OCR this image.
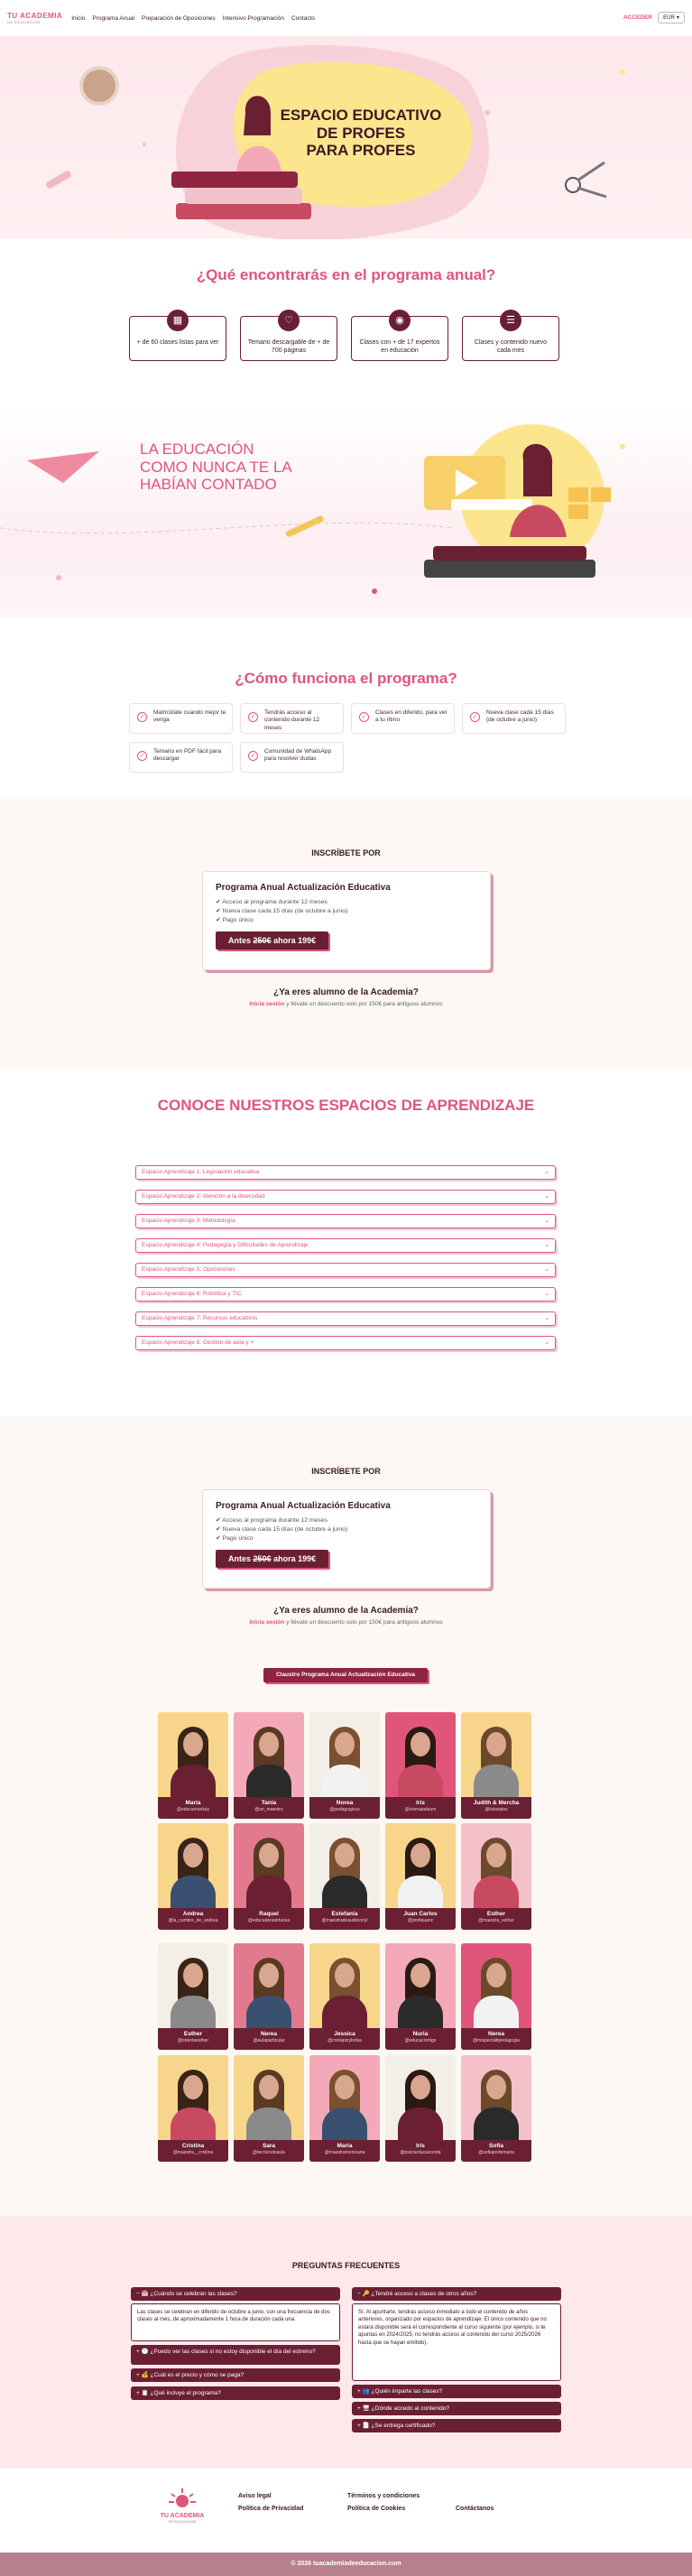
TU ACADEMIA
DE EDUCACIÓN
Inicio Programa Anual Preparación de Oposiciones Intensivo Programación Contacto	ACCEDER EUR ▾
ESPACIO EDUCATIVO
DE PROFES
PARA PROFES
¿Qué encontrarás en el programa anual?
▦
+ de 60 clases listas para ver
♡
Temario descargable de + de 700 páginas
◉
Clases con + de 17 expertos en educación
☰
Clases y contenido nuevo cada mes
LA EDUCACIÓN
COMO NUNCA TE LA
HABÍAN CONTADO
¿Cómo funciona el programa?
✓
Matricúlate cuando mejor te venga	✓
Tendrás acceso al contenido durante 12 meses
✓
Clases en diferido, para ver a tu ritmo	✓
Nueva clase cada 15 días (de octubre a junio)
✓
Temario en PDF fácil para descargar	✓
Comunidad de WhatsApp para resolver dudas
INSCRÍBETE POR
Programa Anual Actualización Educativa
✔ Acceso al programa durante 12 meses
✔ Nueva clase cada 15 días (de octubre a junio)
✔ Pago único
Antes 250€ ahora 199€
¿Ya eres alumno de la Academia?
Inicia sesión y llévate un descuento solo por 150€ para antiguos alumnos
CONOCE NUESTROS ESPACIOS DE APRENDIZAJE
Espacio Aprendizaje 1: Legislación educativa	⌄
Espacio Aprendizaje 2: Atención a la diversidad	⌄
Espacio Aprendizaje 3: Metodología	⌄
Espacio Aprendizaje 4: Pedagogía y Dificultades de Aprendizaje	⌄
Espacio Aprendizaje 5: Oposiciones	⌄
Espacio Aprendizaje 6: Robótica y TIC	⌄
Espacio Aprendizaje 7: Recursos educativos	⌄
Espacio Aprendizaje 8: Gestión de aula y +	⌄
INSCRÍBETE POR
Programa Anual Actualización Educativa
✔ Acceso al programa durante 12 meses
✔ Nueva clase cada 15 días (de octubre a junio)
✔ Pago único
Antes 250€ ahora 199€
¿Ya eres alumno de la Academia?
Inicia sesión y llévate un descuento solo por 150€ para antiguos alumnos
Claustro Programa Anual Actualización Educativa
María
@educamonkey
Tania
@un_maestro
Norea
@pedagogicus
Iris
@irismaiaduum
Judith & Mercha
@tutoriales
Andrea
@la_cumbre_de_andrea
Raquel
@educadoravirtuosa
Estefanía
@maestradeaudicionyl
Juan Carlos
@profejuanc
Esther
@maestra_esther
Esther
@orientaesther
Nerea
@aulaparticular
Jessica
@conlapizybolsa
Nuria
@educacontigo
Nerea
@mispecialtipedagogia
Cristina
@maestra__cristina
Sara
@tecnicodeaula
María
@maestramonicaria
Iris
@psicoeducacionda
Sofía
@sofiaprofemaria
PREGUNTAS FRECUENTES
− 📅 ¿Cuándo se celebran las clases?
Las clases se celebran en diferido de octubre a junio, con una frecuencia de dos clases al mes, de aproximadamente 1 hora de duración cada una.
+ 🕐 ¿Puedo ver las clases si no estoy disponible el día del estreno?
+ 💰 ¿Cuál es el precio y cómo se paga?
+ 📋 ¿Qué incluye el programa?
− 🔑 ¿Tendré acceso a clases de otros años?
Sí. Al apuntarte, tendrás acceso inmediato a todo el contenido de años anteriores, organizado por espacios de aprendizaje. El único contenido que no estará disponible será el correspondiente al curso siguiente (por ejemplo, si te apuntas en 2024/2025, no tendrás acceso al contenido del curso 2025/2026 hasta que se hayan emitido).
+ 👥 ¿Quién imparte las clases?
+ 🖥 ¿Dónde accedo al contenido?
+ 📄 ¿Se entrega certificado?
TU ACADEMIA
DE EDUCACIÓN
Aviso legal	Términos y condiciones
Política de Privacidad	Política de Cookies	Contáctanos
© 2026 tuacademiadeeducacion.com
